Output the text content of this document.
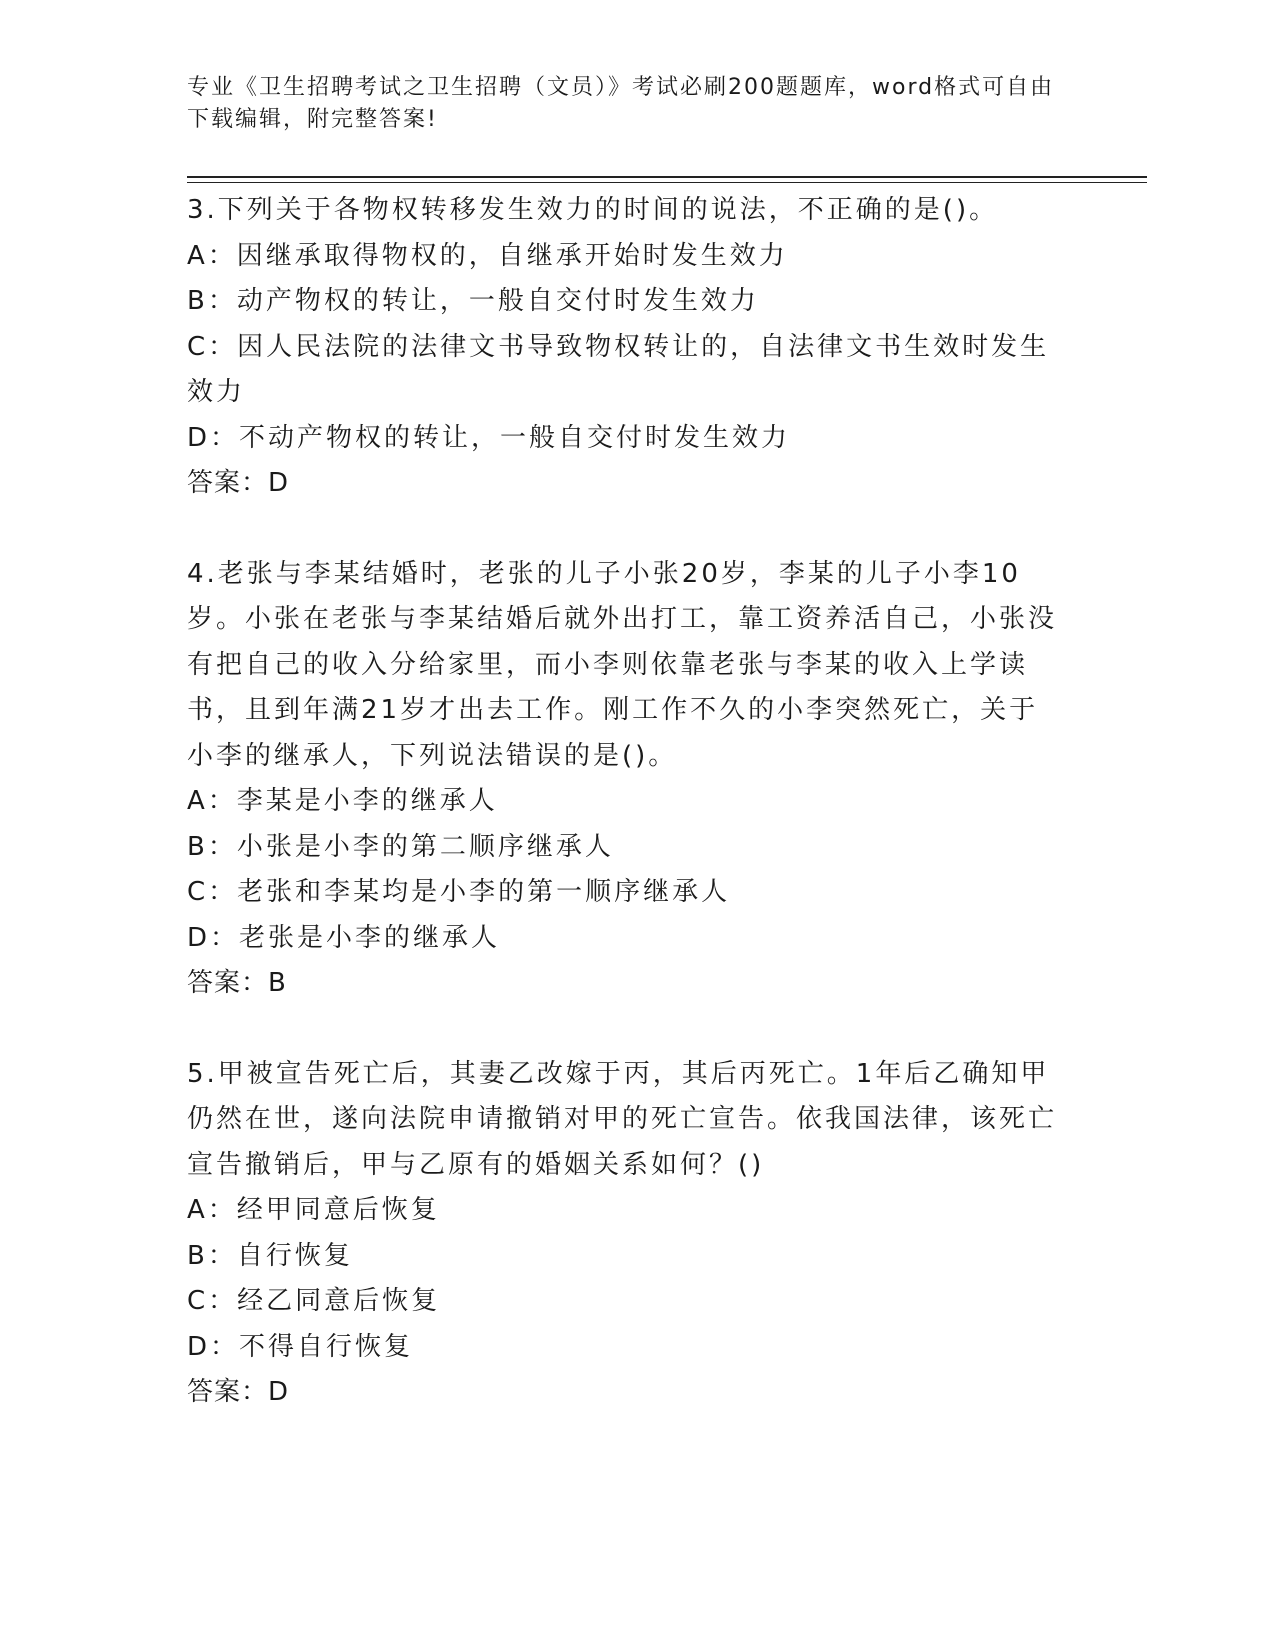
专业《卫生招聘考试之卫生招聘（文员）》考试必刷200题题库，word格式可自由下载编辑，附完整答案!
3.下列关于各物权转移发生效力的时间的说法，不正确的是()。
A：因继承取得物权的，自继承开始时发生效力
B：动产物权的转让，一般自交付时发生效力
C：因人民法院的法律文书导致物权转让的，自法律文书生效时发生效力
D：不动产物权的转让，一般自交付时发生效力
答案：D
4.老张与李某结婚时，老张的儿子小张20岁，李某的儿子小李10岁。小张在老张与李某结婚后就外出打工，靠工资养活自己，小张没有把自己的收入分给家里，而小李则依靠老张与李某的收入上学读书，且到年满21岁才出去工作。刚工作不久的小李突然死亡，关于小李的继承人，下列说法错误的是()。
A：李某是小李的继承人
B：小张是小李的第二顺序继承人
C：老张和李某均是小李的第一顺序继承人
D：老张是小李的继承人
答案：B
5.甲被宣告死亡后，其妻乙改嫁于丙，其后丙死亡。1年后乙确知甲仍然在世，遂向法院申请撤销对甲的死亡宣告。依我国法律，该死亡宣告撤销后，甲与乙原有的婚姻关系如何？()
A：经甲同意后恢复
B：自行恢复
C：经乙同意后恢复
D：不得自行恢复
答案：D
